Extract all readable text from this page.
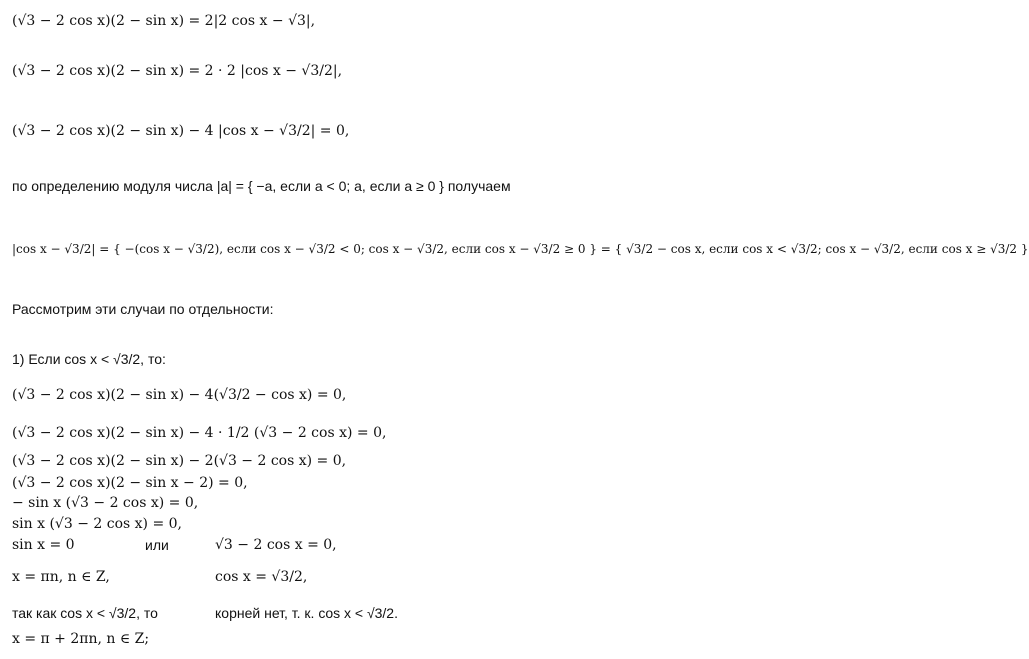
(√3 − 2 cos x)(2 − sin x) = 2|2 cos x − √3|,
(√3 − 2 cos x)(2 − sin x) = 2 · 2 |cos x − √3/2|,
(√3 − 2 cos x)(2 − sin x) − 4 |cos x − √3/2| = 0,
по определению модуля числа |a| = { −a, если a < 0; a, если a ≥ 0 } получаем
|cos x − √3/2| = { −(cos x − √3/2), если cos x − √3/2 < 0; cos x − √3/2, если cos x − √3/2 ≥ 0 } = { √3/2 − cos x, если cos x < √3/2; cos x − √3/2, если cos x ≥ √3/2 }
Рассмотрим эти случаи по отдельности:
1) Если cos x < √3/2, то:
(√3 − 2 cos x)(2 − sin x) − 4(√3/2 − cos x) = 0,
(√3 − 2 cos x)(2 − sin x) − 4 · 1/2 (√3 − 2 cos x) = 0,
(√3 − 2 cos x)(2 − sin x) − 2(√3 − 2 cos x) = 0,
(√3 − 2 cos x)(2 − sin x − 2) = 0,
− sin x (√3 − 2 cos x) = 0,
sin x (√3 − 2 cos x) = 0,
sin x = 0	или	√3 − 2 cos x = 0,
x = πn, n ∈ Z,	cos x = √3/2,
так как cos x < √3/2, то	корней нет, т. к. cos x < √3/2.
x = π + 2πn, n ∈ Z;
